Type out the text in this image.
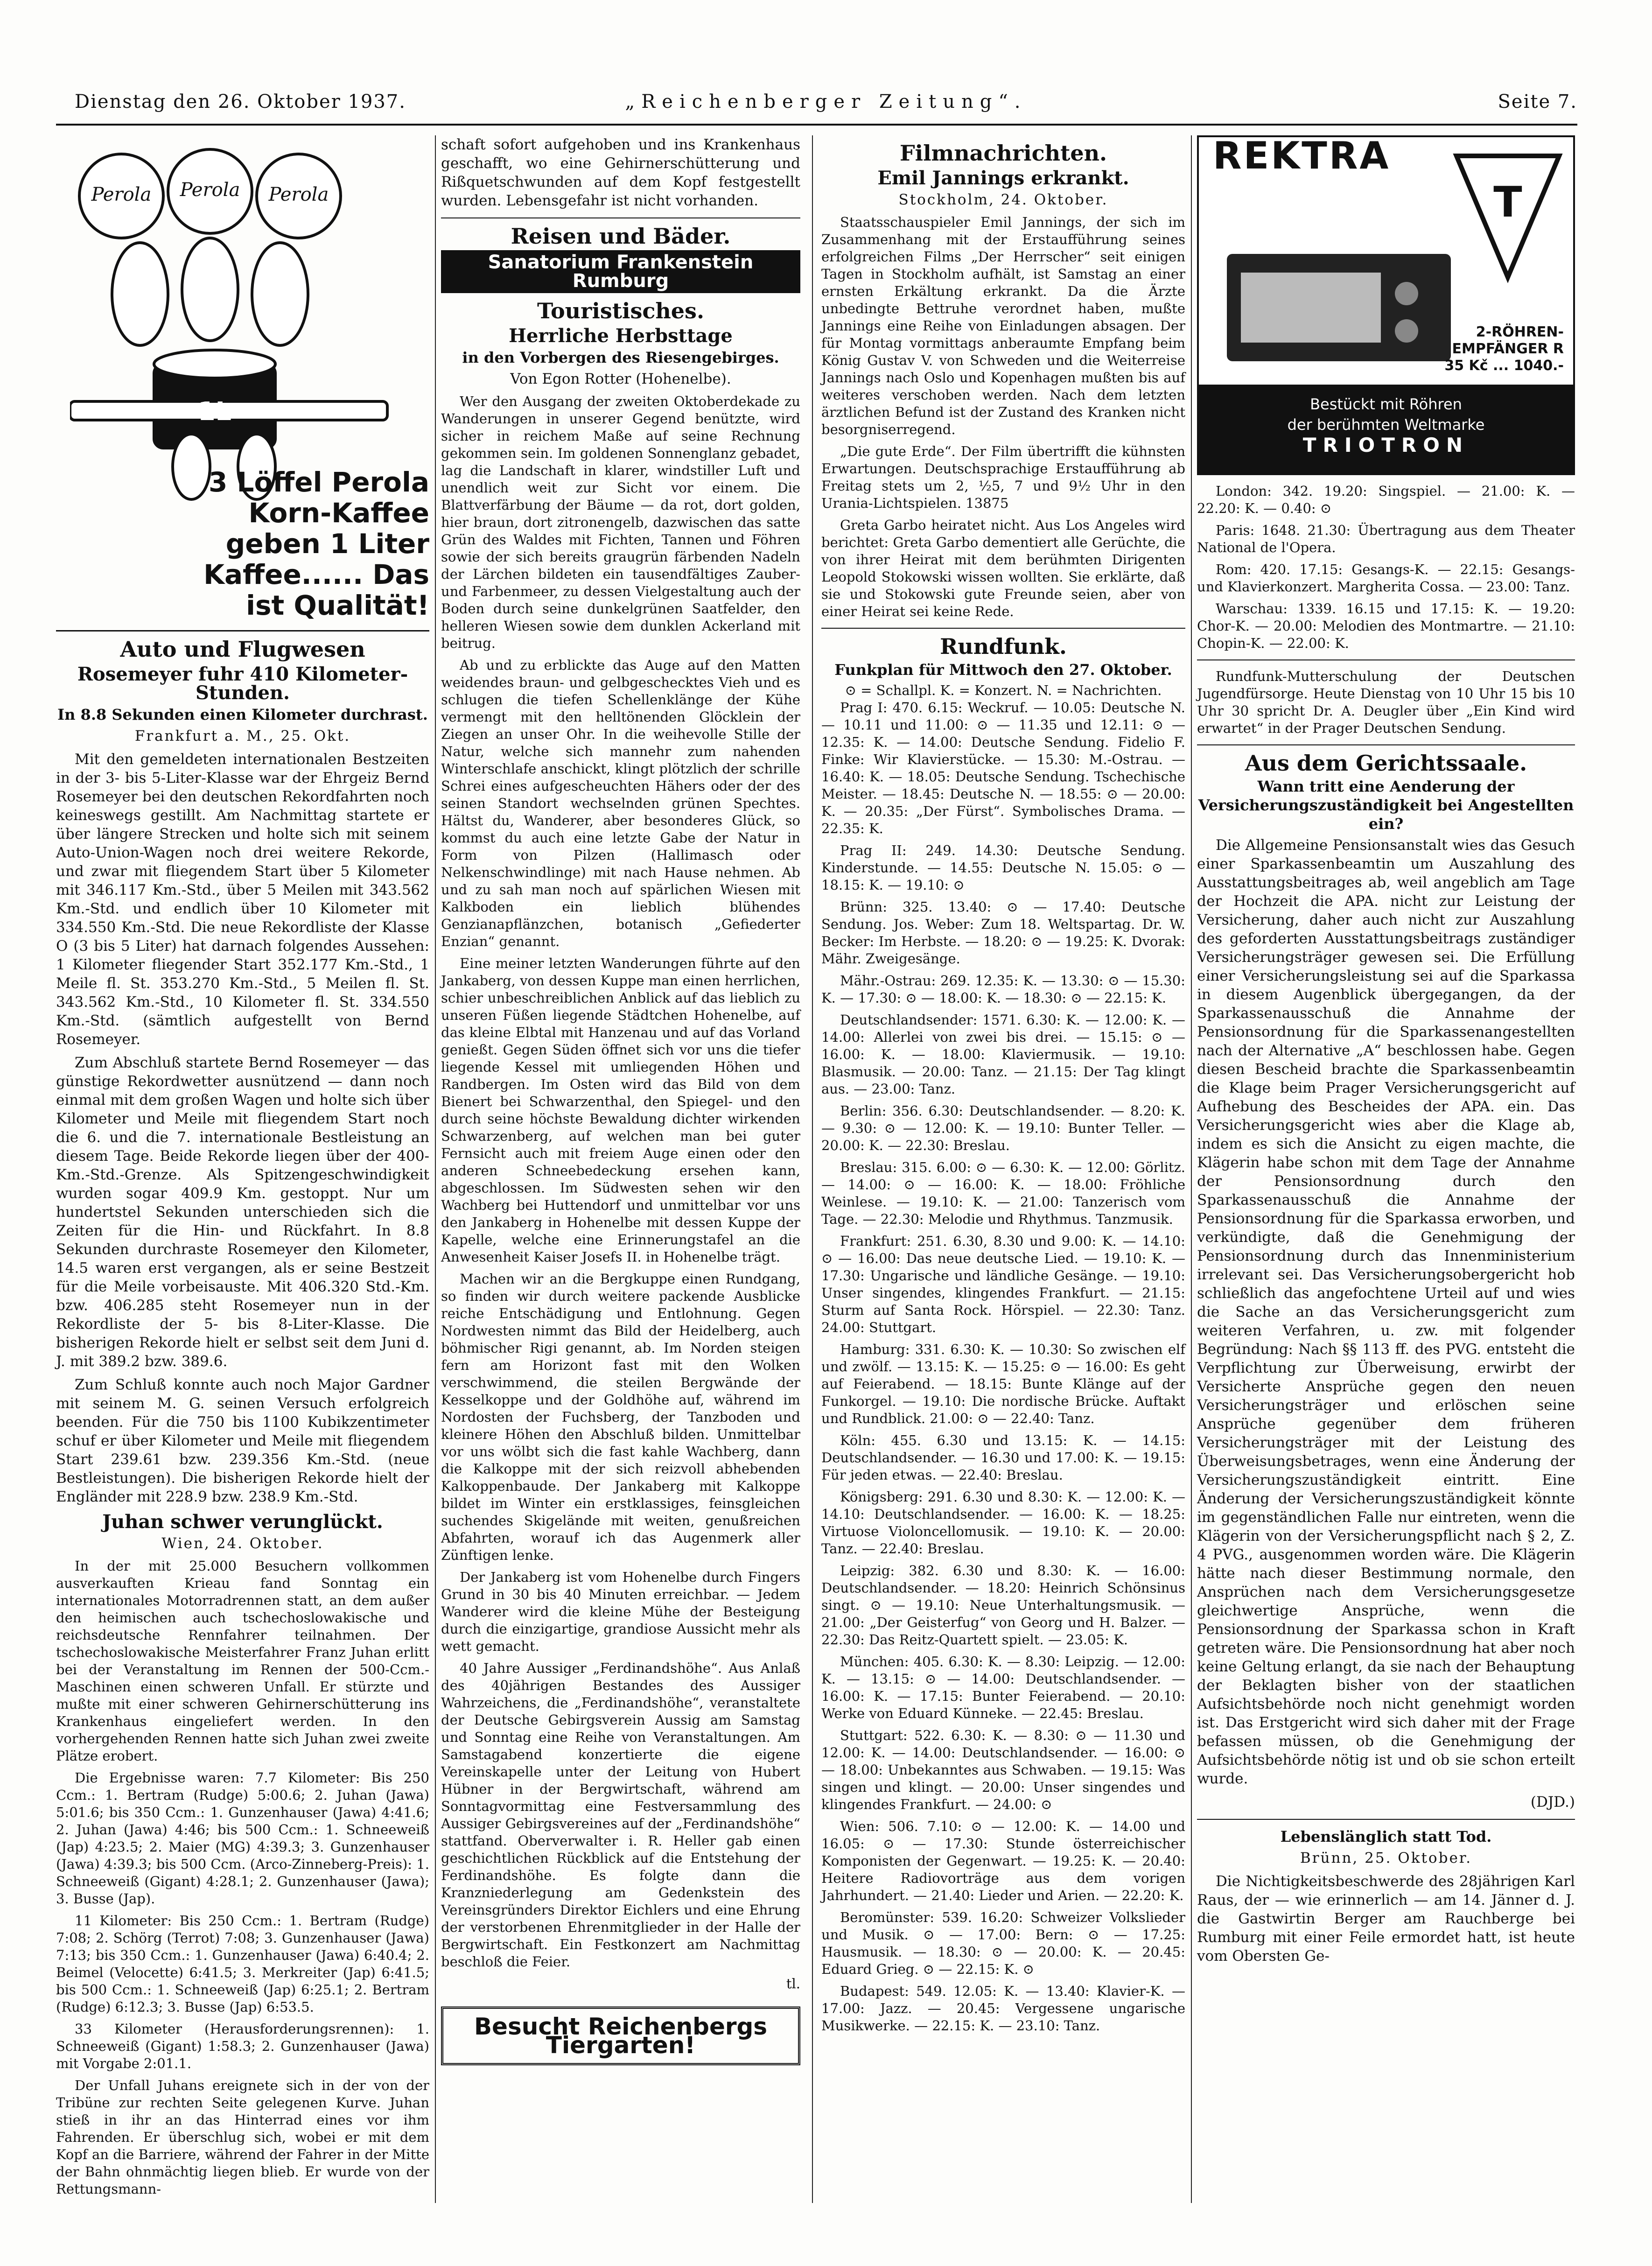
Dienstag den 26. Oktober 1937.	„Reichenberger Zeitung“.	Seite 7.
Perola Perola Perola
1L
3 Löffel Perola Korn-Kaffee geben 1 Liter Kaffee...... Das ist Qualität!
Auto und Flugwesen
Rosemeyer fuhr 410 Kilometer-Stunden.
In 8.8 Sekunden einen Kilometer durchrast.
Frankfurt a. M., 25. Okt.

Mit den gemeldeten internationalen Bestzeiten in der 3- bis 5-Liter-Klasse war der Ehrgeiz Bernd Rosemeyer bei den deutschen Rekordfahrten noch keineswegs gestillt. Am Nachmittag startete er über längere Strecken und holte sich mit seinem Auto-Union-Wagen noch drei weitere Rekorde, und zwar mit fliegendem Start über 5 Kilometer mit 346.117 Km.-Std., über 5 Meilen mit 343.562 Km.-Std. und endlich über 10 Kilometer mit 334.550 Km.-Std. Die neue Rekordliste der Klasse O (3 bis 5 Liter) hat darnach folgendes Aussehen: 1 Kilometer fliegender Start 352.177 Km.-Std., 1 Meile fl. St. 353.270 Km.-Std., 5 Meilen fl. St. 343.562 Km.-Std., 10 Kilometer fl. St. 334.550 Km.-Std. (sämtlich aufgestellt von Bernd Rosemeyer.

Zum Abschluß startete Bernd Rosemeyer — das günstige Rekordwetter ausnützend — dann noch einmal mit dem großen Wagen und holte sich über Kilometer und Meile mit fliegendem Start noch die 6. und die 7. internationale Bestleistung an diesem Tage. Beide Rekorde liegen über der 400-Km.-Std.-Grenze. Als Spitzengeschwindigkeit wurden sogar 409.9 Km. gestoppt. Nur um hundertstel Sekunden unterschieden sich die Zeiten für die Hin- und Rückfahrt. In 8.8 Sekunden durchraste Rosemeyer den Kilometer, 14.5 waren erst vergangen, als er seine Bestzeit für die Meile vorbeisauste. Mit 406.320 Std.-Km. bzw. 406.285 steht Rosemeyer nun in der Rekordliste der 5- bis 8-Liter-Klasse. Die bisherigen Rekorde hielt er selbst seit dem Juni d. J. mit 389.2 bzw. 389.6.

Zum Schluß konnte auch noch Major Gardner mit seinem M. G. seinen Versuch erfolgreich beenden. Für die 750 bis 1100 Kubikzentimeter schuf er über Kilometer und Meile mit fliegendem Start 239.61 bzw. 239.356 Km.-Std. (neue Bestleistungen). Die bisherigen Rekorde hielt der Engländer mit 228.9 bzw. 238.9 Km.-Std.

Juhan schwer verunglückt.
Wien, 24. Oktober.

In der mit 25.000 Besuchern vollkommen ausverkauften Krieau fand Sonntag ein internationales Motorradrennen statt, an dem außer den heimischen auch tschechoslowakische und reichsdeutsche Rennfahrer teilnahmen. Der tschechoslowakische Meisterfahrer Franz Juhan erlitt bei der Veranstaltung im Rennen der 500-Ccm.-Maschinen einen schweren Unfall. Er stürzte und mußte mit einer schweren Gehirnerschütterung ins Krankenhaus eingeliefert werden. In den vorhergehenden Rennen hatte sich Juhan zwei zweite Plätze erobert.

Die Ergebnisse waren: 7.7 Kilometer: Bis 250 Ccm.: 1. Bertram (Rudge) 5:00.6; 2. Juhan (Jawa) 5:01.6; bis 350 Ccm.: 1. Gunzenhauser (Jawa) 4:41.6; 2. Juhan (Jawa) 4:46; bis 500 Ccm.: 1. Schneeweiß (Jap) 4:23.5; 2. Maier (MG) 4:39.3; 3. Gunzenhauser (Jawa) 4:39.3; bis 500 Ccm. (Arco-Zinneberg-Preis): 1. Schneeweiß (Gigant) 4:28.1; 2. Gunzenhauser (Jawa); 3. Busse (Jap).

11 Kilometer: Bis 250 Ccm.: 1. Bertram (Rudge) 7:08; 2. Schörg (Terrot) 7:08; 3. Gunzenhauser (Jawa) 7:13; bis 350 Ccm.: 1. Gunzenhauser (Jawa) 6:40.4; 2. Beimel (Velocette) 6:41.5; 3. Merkreiter (Jap) 6:41.5; bis 500 Ccm.: 1. Schneeweiß (Jap) 6:25.1; 2. Bertram (Rudge) 6:12.3; 3. Busse (Jap) 6:53.5.

33 Kilometer (Herausforderungsrennen): 1. Schneeweiß (Gigant) 1:58.3; 2. Gunzenhauser (Jawa) mit Vorgabe 2:01.1.

Der Unfall Juhans ereignete sich in der von der Tribüne zur rechten Seite gelegenen Kurve. Juhan stieß in ihr an das Hinterrad eines vor ihm Fahrenden. Er überschlug sich, wobei er mit dem Kopf an die Barriere, während der Fahrer in der Mitte der Bahn ohnmächtig liegen blieb. Er wurde von der Rettungsmann-

schaft sofort aufgehoben und ins Krankenhaus geschafft, wo eine Gehirnerschütterung und Rißquetschwunden auf dem Kopf festgestellt wurden. Lebensgefahr ist nicht vorhanden.

Reisen und Bäder.
Sanatorium Frankenstein Rumburg
Touristisches.
Herrliche Herbsttage
in den Vorbergen des Riesengebirges.
Von Egon Rotter (Hohenelbe).

Wer den Ausgang der zweiten Oktoberdekade zu Wanderungen in unserer Gegend benützte, wird sicher in reichem Maße auf seine Rechnung gekommen sein. Im goldenen Sonnenglanz gebadet, lag die Landschaft in klarer, windstiller Luft und unendlich weit zur Sicht vor einem. Die Blattverfärbung der Bäume — da rot, dort golden, hier braun, dort zitronengelb, dazwischen das satte Grün des Waldes mit Fichten, Tannen und Föhren sowie der sich bereits graugrün färbenden Nadeln der Lärchen bildeten ein tausendfältiges Zauber- und Farbenmeer, zu dessen Vielgestaltung auch der Boden durch seine dunkelgrünen Saatfelder, den helleren Wiesen sowie dem dunklen Ackerland mit beitrug.

Ab und zu erblickte das Auge auf den Matten weidendes braun- und gelbgeschecktes Vieh und es schlugen die tiefen Schellenklänge der Kühe vermengt mit den helltönenden Glöcklein der Ziegen an unser Ohr. In die weihevolle Stille der Natur, welche sich mannehr zum nahenden Winterschlafe anschickt, klingt plötzlich der schrille Schrei eines aufgescheuchten Hähers oder der des seinen Standort wechselnden grünen Spechtes. Hältst du, Wanderer, aber besonderes Glück, so kommst du auch eine letzte Gabe der Natur in Form von Pilzen (Hallimasch oder Nelkenschwindlinge) mit nach Hause nehmen. Ab und zu sah man noch auf spärlichen Wiesen mit Kalkboden ein lieblich blühendes Genzianapflänzchen, botanisch „Gefiederter Enzian“ genannt.

Eine meiner letzten Wanderungen führte auf den Jankaberg, von dessen Kuppe man einen herrlichen, schier unbeschreiblichen Anblick auf das lieblich zu unseren Füßen liegende Städtchen Hohenelbe, auf das kleine Elbtal mit Hanzenau und auf das Vorland genießt. Gegen Süden öffnet sich vor uns die tiefer liegende Kessel mit umliegenden Höhen und Randbergen. Im Osten wird das Bild von dem Bienert bei Schwarzenthal, den Spiegel- und den durch seine höchste Bewaldung dichter wirkenden Schwarzenberg, auf welchen man bei guter Fernsicht auch mit freiem Auge einen oder den anderen Schneebedeckung ersehen kann, abgeschlossen. Im Südwesten sehen wir den Wachberg bei Huttendorf und unmittelbar vor uns den Jankaberg in Hohenelbe mit dessen Kuppe der Kapelle, welche eine Erinnerungstafel an die Anwesenheit Kaiser Josefs II. in Hohenelbe trägt.

Machen wir an die Bergkuppe einen Rundgang, so finden wir durch weitere packende Ausblicke reiche Entschädigung und Entlohnung. Gegen Nordwesten nimmt das Bild der Heidelberg, auch böhmischer Rigi genannt, ab. Im Norden steigen fern am Horizont fast mit den Wolken verschwimmend, die steilen Bergwände der Kesselkoppe und der Goldhöhe auf, während im Nordosten der Fuchsberg, der Tanzboden und kleinere Höhen den Abschluß bilden. Unmittelbar vor uns wölbt sich die fast kahle Wachberg, dann die Kalkoppe mit der sich reizvoll abhebenden Kalkoppenbaude. Der Jankaberg mit Kalkoppe bildet im Winter ein erstklassiges, feinsgleichen suchendes Skigelände mit weiten, genußreichen Abfahrten, worauf ich das Augenmerk aller Zünftigen lenke.

Der Jankaberg ist vom Hohenelbe durch Fingers Grund in 30 bis 40 Minuten erreichbar. — Jedem Wanderer wird die kleine Mühe der Besteigung durch die einzigartige, grandiose Aussicht mehr als wett gemacht.

40 Jahre Aussiger „Ferdinandshöhe“. Aus Anlaß des 40jährigen Bestandes des Aussiger Wahrzeichens, die „Ferdinandshöhe“, veranstaltete der Deutsche Gebirgsverein Aussig am Samstag und Sonntag eine Reihe von Veranstaltungen. Am Samstagabend konzertierte die eigene Vereinskapelle unter der Leitung von Hubert Hübner in der Bergwirtschaft, während am Sonntagvormittag eine Festversammlung des Aussiger Gebirgsvereines auf der „Ferdinandshöhe“ stattfand. Oberverwalter i. R. Heller gab einen geschichtlichen Rückblick auf die Entstehung der Ferdinandshöhe. Es folgte dann die Kranzniederlegung am Gedenkstein des Vereinsgründers Direktor Eichlers und eine Ehrung der verstorbenen Ehrenmitglieder in der Halle der Bergwirtschaft. Ein Festkonzert am Nachmittag beschloß die Feier.

tl.
Besucht Reichenbergs Tiergarten!
Filmnachrichten.
Emil Jannings erkrankt.
Stockholm, 24. Oktober.

Staatsschauspieler Emil Jannings, der sich im Zusammenhang mit der Erstaufführung seines erfolgreichen Films „Der Herrscher“ seit einigen Tagen in Stockholm aufhält, ist Samstag an einer ernsten Erkältung erkrankt. Da die Ärzte unbedingte Bettruhe verordnet haben, mußte Jannings eine Reihe von Einladungen absagen. Der für Montag vormittags anberaumte Empfang beim König Gustav V. von Schweden und die Weiterreise Jannings nach Oslo und Kopenhagen mußten bis auf weiteres verschoben werden. Nach dem letzten ärztlichen Befund ist der Zustand des Kranken nicht besorgniserregend.

„Die gute Erde“. Der Film übertrifft die kühnsten Erwartungen. Deutschsprachige Erstaufführung ab Freitag stets um 2, ½5, 7 und 9½ Uhr in den Urania-Lichtspielen. 13875

Greta Garbo heiratet nicht. Aus Los Angeles wird berichtet: Greta Garbo dementiert alle Gerüchte, die von ihrer Heirat mit dem berühmten Dirigenten Leopold Stokowski wissen wollten. Sie erklärte, daß sie und Stokowski gute Freunde seien, aber von einer Heirat sei keine Rede.

Rundfunk.
Funkplan für Mittwoch den 27. Oktober.
⊙ = Schallpl. K. = Konzert. N. = Nachrichten.

Prag I: 470. 6.15: Weckruf. — 10.05: Deutsche N. — 10.11 und 11.00: ⊙ — 11.35 und 12.11: ⊙ — 12.35: K. — 14.00: Deutsche Sendung. Fidelio F. Finke: Wir Klavierstücke. — 15.30: M.-Ostrau. — 16.40: K. — 18.05: Deutsche Sendung. Tschechische Meister. — 18.45: Deutsche N. — 18.55: ⊙ — 20.00: K. — 20.35: „Der Fürst“. Symbolisches Drama. — 22.35: K.

Prag II: 249. 14.30: Deutsche Sendung. Kinderstunde. — 14.55: Deutsche N. 15.05: ⊙ — 18.15: K. — 19.10: ⊙

Brünn: 325. 13.40: ⊙ — 17.40: Deutsche Sendung. Jos. Weber: Zum 18. Weltspartag. Dr. W. Becker: Im Herbste. — 18.20: ⊙ — 19.25: K. Dvorak: Mähr. Zweigesänge.

Mähr.-Ostrau: 269. 12.35: K. — 13.30: ⊙ — 15.30: K. — 17.30: ⊙ — 18.00: K. — 18.30: ⊙ — 22.15: K.

Deutschlandsender: 1571. 6.30: K. — 12.00: K. — 14.00: Allerlei von zwei bis drei. — 15.15: ⊙ — 16.00: K. — 18.00: Klaviermusik. — 19.10: Blasmusik. — 20.00: Tanz. — 21.15: Der Tag klingt aus. — 23.00: Tanz.

Berlin: 356. 6.30: Deutschlandsender. — 8.20: K. — 9.30: ⊙ — 12.00: K. — 19.10: Bunter Teller. — 20.00: K. — 22.30: Breslau.

Breslau: 315. 6.00: ⊙ — 6.30: K. — 12.00: Görlitz. — 14.00: ⊙ — 16.00: K. — 18.00: Fröhliche Weinlese. — 19.10: K. — 21.00: Tanzerisch vom Tage. — 22.30: Melodie und Rhythmus. Tanzmusik.

Frankfurt: 251. 6.30, 8.30 und 9.00: K. — 14.10: ⊙ — 16.00: Das neue deutsche Lied. — 19.10: K. — 17.30: Ungarische und ländliche Gesänge. — 19.10: Unser singendes, klingendes Frankfurt. — 21.15: Sturm auf Santa Rock. Hörspiel. — 22.30: Tanz. 24.00: Stuttgart.

Hamburg: 331. 6.30: K. — 10.30: So zwischen elf und zwölf. — 13.15: K. — 15.25: ⊙ — 16.00: Es geht auf Feierabend. — 18.15: Bunte Klänge auf der Funkorgel. — 19.10: Die nordische Brücke. Auftakt und Rundblick. 21.00: ⊙ — 22.40: Tanz.

Köln: 455. 6.30 und 13.15: K. — 14.15: Deutschlandsender. — 16.30 und 17.00: K. — 19.15: Für jeden etwas. — 22.40: Breslau.

Königsberg: 291. 6.30 und 8.30: K. — 12.00: K. — 14.10: Deutschlandsender. — 16.00: K. — 18.25: Virtuose Violoncellomusik. — 19.10: K. — 20.00: Tanz. — 22.40: Breslau.

Leipzig: 382. 6.30 und 8.30: K. — 16.00: Deutschlandsender. — 18.20: Heinrich Schönsinus singt. ⊙ — 19.10: Neue Unterhaltungsmusik. — 21.00: „Der Geisterfug“ von Georg und H. Balzer. — 22.30: Das Reitz-Quartett spielt. — 23.05: K.

München: 405. 6.30: K. — 8.30: Leipzig. — 12.00: K. — 13.15: ⊙ — 14.00: Deutschlandsender. — 16.00: K. — 17.15: Bunter Feierabend. — 20.10: Werke von Eduard Künneke. — 22.45: Breslau.

Stuttgart: 522. 6.30: K. — 8.30: ⊙ — 11.30 und 12.00: K. — 14.00: Deutschlandsender. — 16.00: ⊙ — 18.00: Unbekanntes aus Schwaben. — 19.15: Was singen und klingt. — 20.00: Unser singendes und klingendes Frankfurt. — 24.00: ⊙

Wien: 506. 7.10: ⊙ — 12.00: K. — 14.00 und 16.05: ⊙ — 17.30: Stunde österreichischer Komponisten der Gegenwart. — 19.25: K. — 20.40: Heitere Radiovorträge aus dem vorigen Jahrhundert. — 21.40: Lieder und Arien. — 22.20: K.

Beromünster: 539. 16.20: Schweizer Volkslieder und Musik. ⊙ — 17.00: Bern: ⊙ — 17.25: Hausmusik. — 18.30: ⊙ — 20.00: K. — 20.45: Eduard Grieg. ⊙ — 22.15: K. ⊙

Budapest: 549. 12.05: K. — 13.40: Klavier-K. — 17.00: Jazz. — 20.45: Vergessene ungarische Musikwerke. — 22.15: K. — 23.10: Tanz.

REKTRA
T
2-RÖHREN-EMPFÄNGER R 35 Kč ... 1040.-
Bestückt mit Röhren
der berühmten Weltmarke
TRIOTRON

London: 342. 19.20: Singspiel. — 21.00: K. — 22.20: K. — 0.40: ⊙

Paris: 1648. 21.30: Übertragung aus dem Theater National de l'Opera.

Rom: 420. 17.15: Gesangs-K. — 22.15: Gesangs- und Klavierkonzert. Margherita Cossa. — 23.00: Tanz.

Warschau: 1339. 16.15 und 17.15: K. — 19.20: Chor-K. — 20.00: Melodien des Montmartre. — 21.10: Chopin-K. — 22.00: K.

Rundfunk-Mutterschulung der Deutschen Jugendfürsorge. Heute Dienstag von 10 Uhr 15 bis 10 Uhr 30 spricht Dr. A. Deugler über „Ein Kind wird erwartet“ in der Prager Deutschen Sendung.

Aus dem Gerichtssaale.
Wann tritt eine Aenderung der Versicherungszuständigkeit bei Angestellten ein?

Die Allgemeine Pensionsanstalt wies das Gesuch einer Sparkassenbeamtin um Auszahlung des Ausstattungsbeitrages ab, weil angeblich am Tage der Hochzeit die APA. nicht zur Leistung der Versicherung, daher auch nicht zur Auszahlung des geforderten Ausstattungsbeitrags zuständiger Versicherungsträger gewesen sei. Die Erfüllung einer Versicherungsleistung sei auf die Sparkassa in diesem Augenblick übergegangen, da der Sparkassenausschuß die Annahme der Pensionsordnung für die Sparkassenangestellten nach der Alternative „A“ beschlossen habe. Gegen diesen Bescheid brachte die Sparkassenbeamtin die Klage beim Prager Versicherungsgericht auf Aufhebung des Bescheides der APA. ein. Das Versicherungsgericht wies aber die Klage ab, indem es sich die Ansicht zu eigen machte, die Klägerin habe schon mit dem Tage der Annahme der Pensionsordnung durch den Sparkassenausschuß die Annahme der Pensionsordnung für die Sparkassa erworben, und verkündigte, daß die Genehmigung der Pensionsordnung durch das Innenministerium irrelevant sei. Das Versicherungsobergericht hob schließlich das angefochtene Urteil auf und wies die Sache an das Versicherungsgericht zum weiteren Verfahren, u. zw. mit folgender Begründung: Nach §§ 113 ff. des PVG. entsteht die Verpflichtung zur Überweisung, erwirbt der Versicherte Ansprüche gegen den neuen Versicherungsträger und erlöschen seine Ansprüche gegenüber dem früheren Versicherungsträger mit der Leistung des Überweisungsbetrages, wenn eine Änderung der Versicherungszuständigkeit eintritt. Eine Änderung der Versicherungszuständigkeit könnte im gegenständlichen Falle nur eintreten, wenn die Klägerin von der Versicherungspflicht nach § 2, Z. 4 PVG., ausgenommen worden wäre. Die Klägerin hätte nach dieser Bestimmung normale, den Ansprüchen nach dem Versicherungsgesetze gleichwertige Ansprüche, wenn die Pensionsordnung der Sparkassa schon in Kraft getreten wäre. Die Pensionsordnung hat aber noch keine Geltung erlangt, da sie nach der Behauptung der Beklagten bisher von der staatlichen Aufsichtsbehörde noch nicht genehmigt worden ist. Das Erstgericht wird sich daher mit der Frage befassen müssen, ob die Genehmigung der Aufsichtsbehörde nötig ist und ob sie schon erteilt wurde.

(DJD.)
Lebenslänglich statt Tod.
Brünn, 25. Oktober.

Die Nichtigkeitsbeschwerde des 28jährigen Karl Raus, der — wie erinnerlich — am 14. Jänner d. J. die Gastwirtin Berger am Rauchberge bei Rumburg mit einer Feile ermordet hatt, ist heute vom Obersten Ge-
